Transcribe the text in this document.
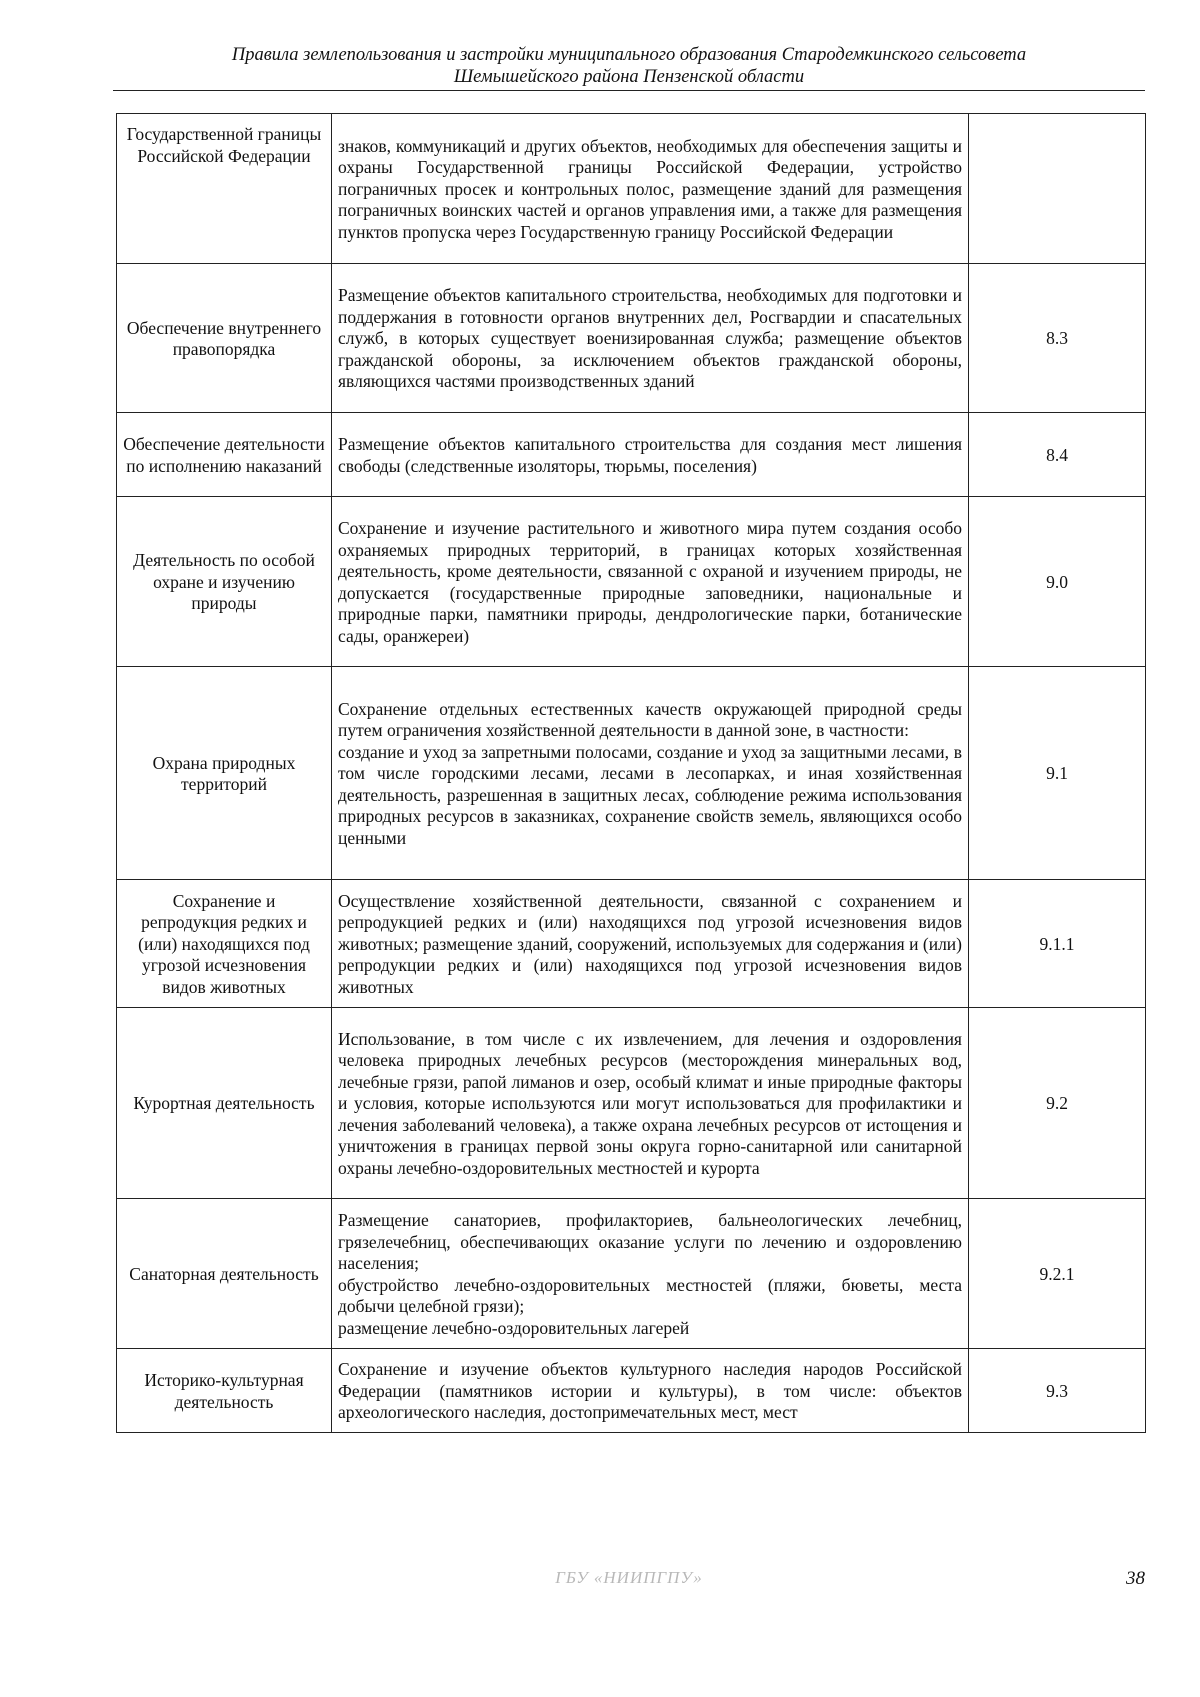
Правила землепользования и застройки муниципального образования Стародемкинского сельсовета
Шемышейского района Пензенской области
Государственной границы Российской Федерации	знаков, коммуникаций и других объектов, необходимых для обеспечения защиты и охраны Государственной границы Российской Федерации, устройство пограничных просек и контрольных полос, размещение зданий для размещения пограничных воинских частей и органов управления ими, а также для размещения пунктов пропуска через Государственную границу Российской Федерации	

Обеспечение внутреннего правопорядка	Размещение объектов капитального строительства, необходимых для подготовки и поддержания в готовности органов внутренних дел, Росгвардии и спасательных служб, в которых существует военизированная служба; размещение объектов гражданской обороны, за исключением объектов гражданской обороны, являющихся частями производственных зданий	8.3
Обеспечение деятельности по исполнению наказаний	Размещение объектов капитального строительства для создания мест лишения свободы (следственные изоляторы, тюрьмы, поселения)	8.4
Деятельность по особой охране и изучению природы	Сохранение и изучение растительного и животного мира путем создания особо охраняемых природных территорий, в границах которых хозяйственная деятельность, кроме деятельности, связанной с охраной и изучением природы, не допускается (государственные природные заповедники, национальные и природные парки, памятники природы, дендрологические парки, ботанические сады, оранжереи)	9.0
Охрана природных территорий	Сохранение отдельных естественных качеств окружающей природной среды путем ограничения хозяйственной деятельности в данной зоне, в частности:
создание и уход за запретными полосами, создание и уход за защитными лесами, в том числе городскими лесами, лесами в лесопарках, и иная хозяйственная деятельность, разрешенная в защитных лесах, соблюдение режима использования природных ресурсов в заказниках, сохранение свойств земель, являющихся особо ценными	9.1
Сохранение и репродукция редких и (или) находящихся под угрозой исчезновения видов животных	Осуществление хозяйственной деятельности, связанной с сохранением и репродукцией редких и (или) находящихся под угрозой исчезновения видов животных; размещение зданий, сооружений, используемых для содержания и (или) репродукции редких и (или) находящихся под угрозой исчезновения видов животных	9.1.1
Курортная деятельность	Использование, в том числе с их извлечением, для лечения и оздоровления человека природных лечебных ресурсов (месторождения минеральных вод, лечебные грязи, рапой лиманов и озер, особый климат и иные природные факторы и условия, которые используются или могут использоваться для профилактики и лечения заболеваний человека), а также охрана лечебных ресурсов от истощения и уничтожения в границах первой зоны округа горно-санитарной или санитарной охраны лечебно-оздоровительных местностей и курорта	9.2
Санаторная деятельность	Размещение санаториев, профилакториев, бальнеологических лечебниц, грязелечебниц, обеспечивающих оказание услуги по лечению и оздоровлению населения;
обустройство лечебно-оздоровительных местностей (пляжи, бюветы, места добычи целебной грязи);
размещение лечебно-оздоровительных лагерей	9.2.1
Историко-культурная деятельность	Сохранение и изучение объектов культурного наследия народов Российской Федерации (памятников истории и культуры), в том числе: объектов археологического наследия, достопримечательных мест, мест	9.3
ГБУ «НИИПГПУ»	38
